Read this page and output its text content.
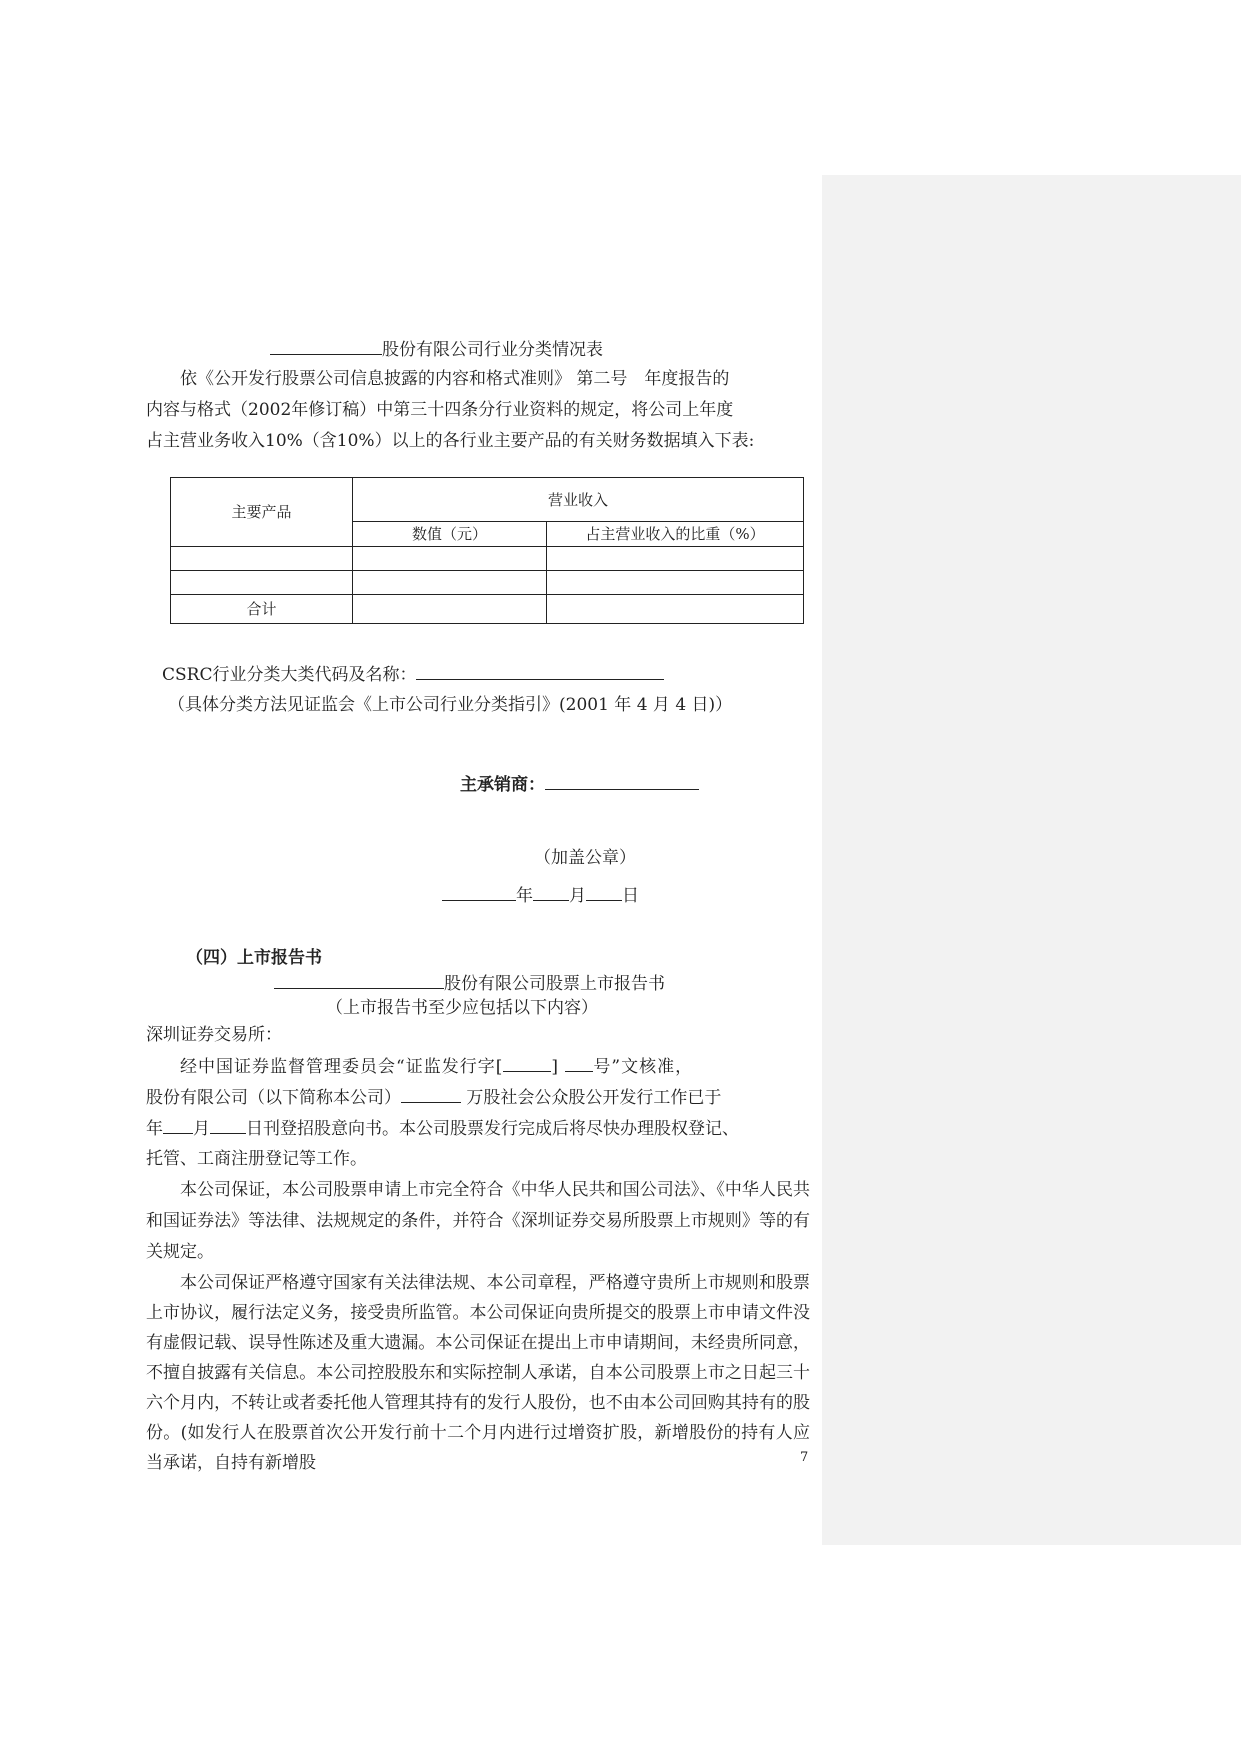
股份有限公司行业分类情况表

依《公开发行股票公司信息披露的内容和格式准则》 第二号　年度报告的

内容与格式（2002年修订稿）中第三十四条分行业资料的规定，将公司上年度

占主营业务收入10%（含10%）以上的各行业主要产品的有关财务数据填入下表:

主要产品	营业收入	
	数值（元）	占主营业收入的比重（%）

合计		
CSRC行业分类大类代码及名称：
（具体分类方法见证监会《上市公司行业分类指引》(2001 年 4 月 4 日)）
主承销商：
（加盖公章）
年 月 日
（四）上市报告书
股份有限公司股票上市报告书
（上市报告书至少应包括以下内容）
深圳证券交易所：
经中国证券监督管理委员会“证监发行字[	] 号”文核准，
股份有限公司（以下简称本公司）	万股社会公众股公开发行工作已于
年 月 日刊登招股意向书。本公司股票发行完成后将尽快办理股权登记、
托管、工商注册登记等工作。
本公司保证，本公司股票申请上市完全符合《中华人民共和国公司法》、《中华人民共和国证券法》等法律、法规规定的条件，并符合《深圳证券交易所股票上市规则》等的有关规定。
本公司保证严格遵守国家有关法律法规、本公司章程，严格遵守贵所上市规则和股票上市协议，履行法定义务，接受贵所监管。本公司保证向贵所提交的股票上市申请文件没有虚假记载、误导性陈述及重大遗漏。本公司保证在提出上市申请期间，未经贵所同意，不擅自披露有关信息。本公司控股股东和实际控制人承诺，自本公司股票上市之日起三十六个月内，不转让或者委托他人管理其持有的发行人股份，也不由本公司回购其持有的股份。(如发行人在股票首次公开发行前十二个月内进行过增资扩股，新增股份的持有人应当承诺，自持有新增股	7
